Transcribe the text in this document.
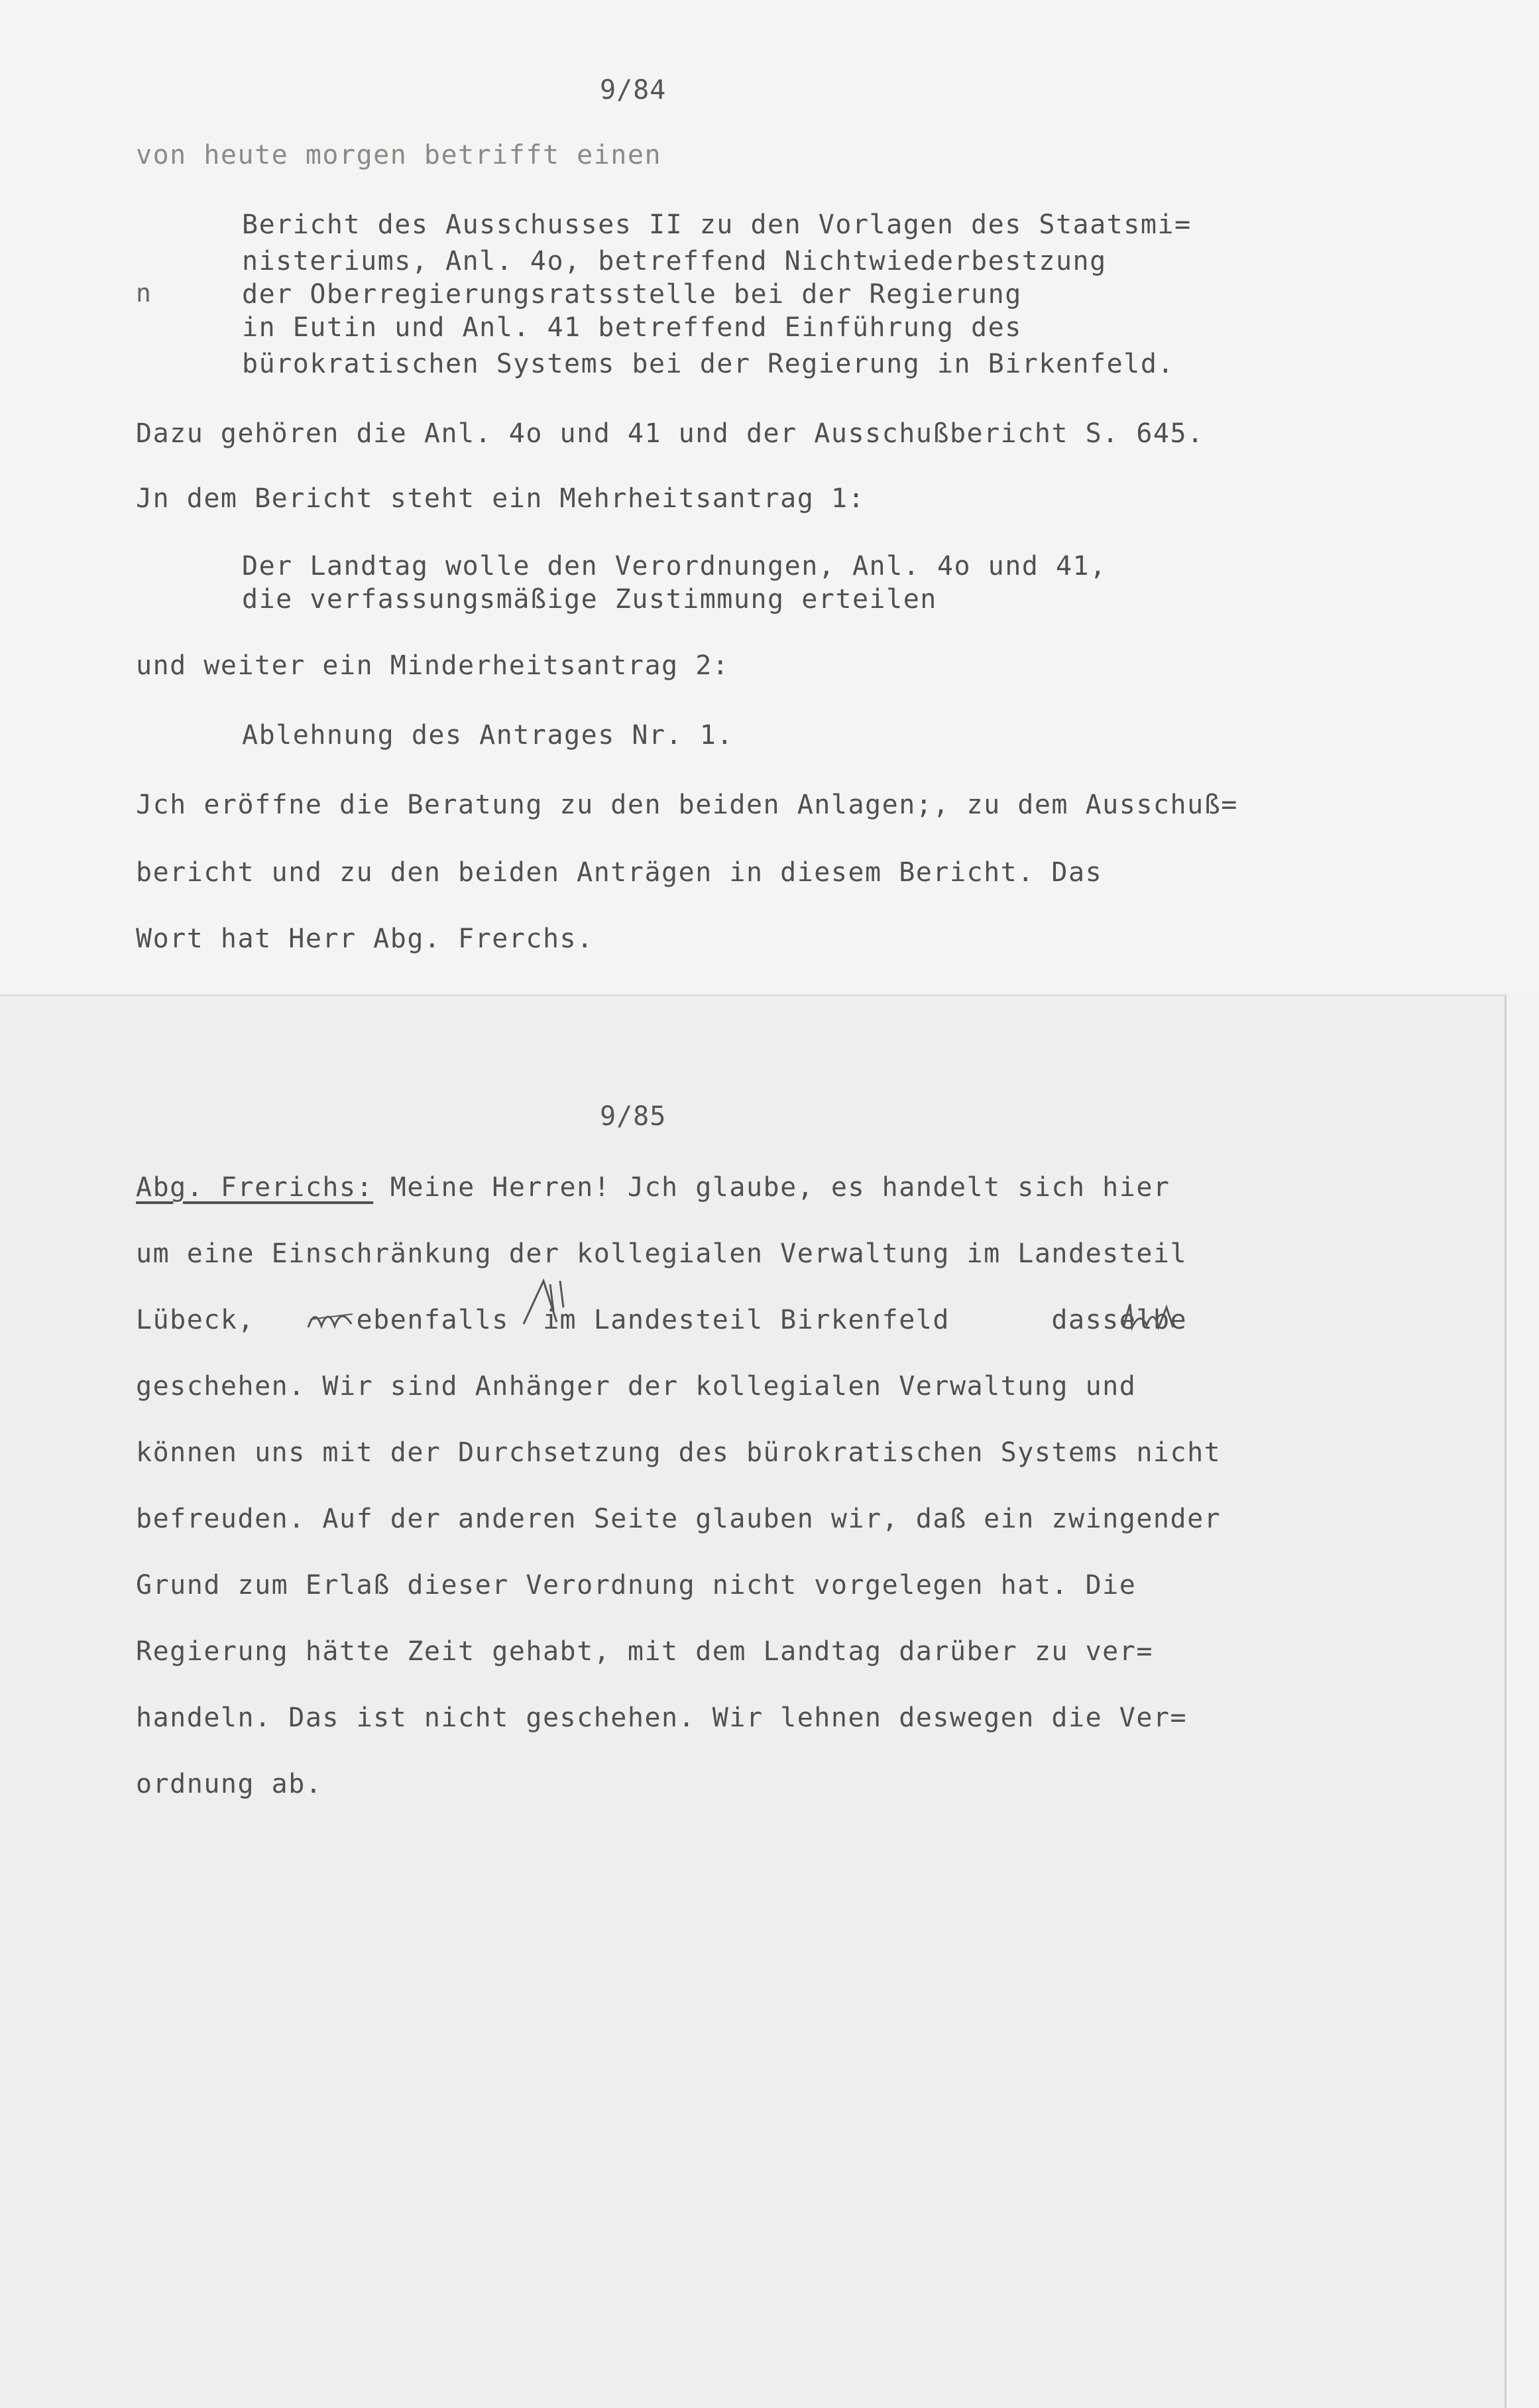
9/84
von heute morgen betrifft einen
Bericht des Ausschusses II zu den Vorlagen des Staatsmi=
nisteriums, Anl. 4o, betreffend Nichtwiederbestzung
n	der Oberregierungsratsstelle bei der Regierung
in Eutin und Anl. 41 betreffend Einführung des
bürokratischen Systems bei der Regierung in Birkenfeld.
Dazu gehören die Anl. 4o und 41 und der Ausschußbericht S. 645.
Jn dem Bericht steht ein Mehrheitsantrag 1:
Der Landtag wolle den Verordnungen, Anl. 4o und 41,
die verfassungsmäßige Zustimmung erteilen
und weiter ein Minderheitsantrag 2:
Ablehnung des Antrages Nr. 1.
Jch eröffne die Beratung zu den beiden Anlagen;, zu dem Ausschuß=
bericht und zu den beiden Anträgen in diesem Bericht. Das
Wort hat Herr Abg. Frerchs.
9/85
Abg. Frerichs: Meine Herren! Jch glaube, es handelt sich hier
um eine Einschränkung der kollegialen Verwaltung im Landesteil
Lübeck,      ebenfalls  im Landesteil Birkenfeld      dasselbe
geschehen. Wir sind Anhänger der kollegialen Verwaltung und
können uns mit der Durchsetzung des bürokratischen Systems nicht
befreuden. Auf der anderen Seite glauben wir, daß ein zwingender
Grund zum Erlaß dieser Verordnung nicht vorgelegen hat. Die
Regierung hätte Zeit gehabt, mit dem Landtag darüber zu ver=
handeln. Das ist nicht geschehen. Wir lehnen deswegen die Ver=
ordnung ab.
